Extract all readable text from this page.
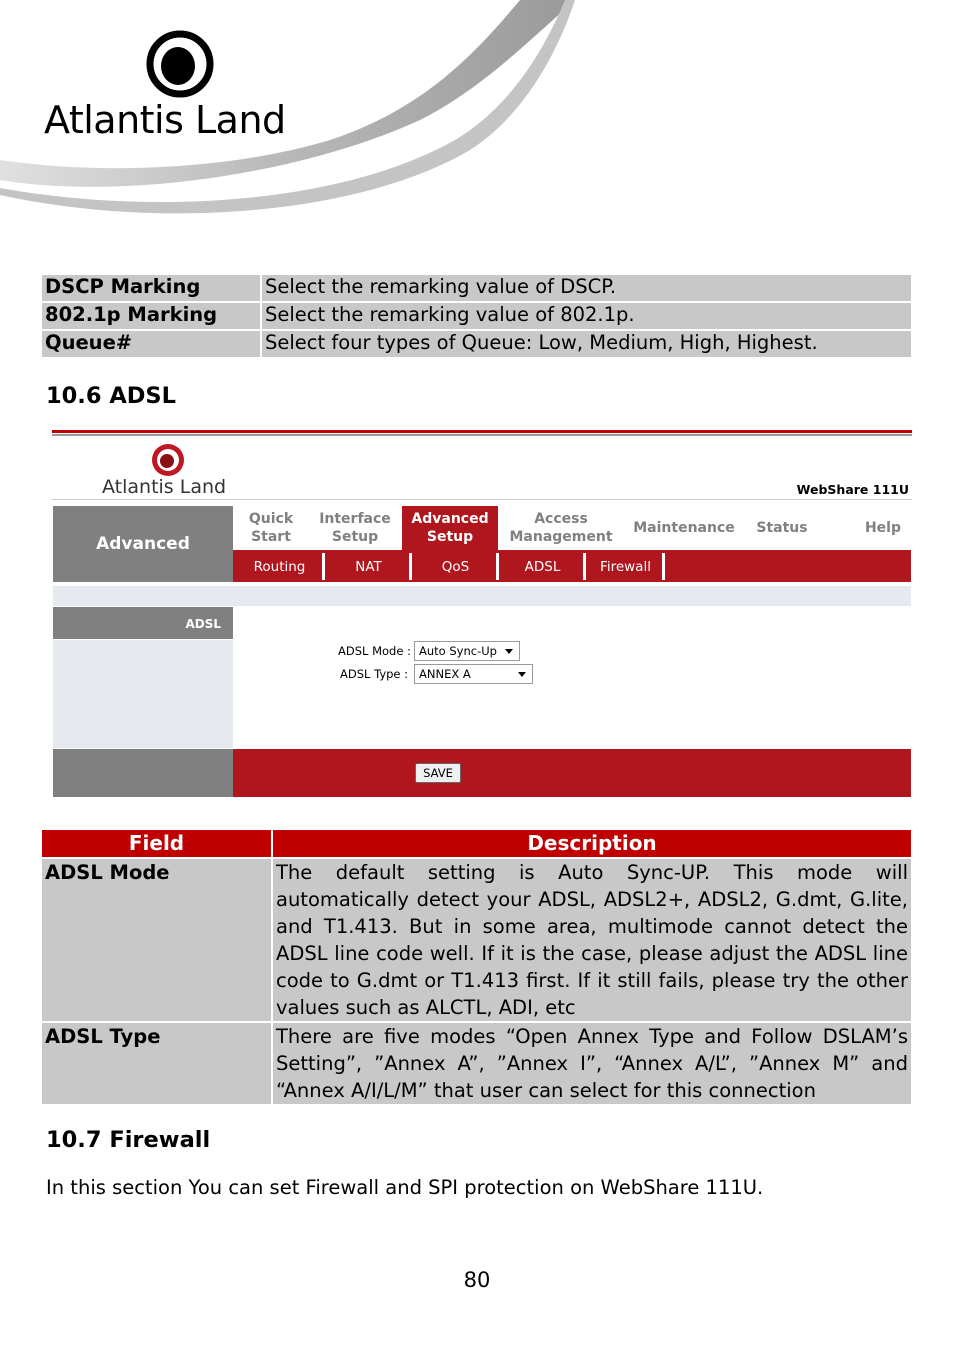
Atlantis Land
DSCP Marking	Select the remarking value of DSCP.
802.1p Marking	Select the remarking value of 802.1p.
Queue#	Select four types of Queue: Low, Medium, High, Highest.
10.6 ADSL
Atlantis Land	WebShare 111U
Advanced
Quick
Start
Interface
Setup
Advanced
Setup
Access
Management
Maintenance Status	Help
Routing	NAT	QoS	ADSL	Firewall
ADSL
ADSL Mode : Auto Sync-Up
ADSL Type : ANNEX A
SAVE
Field	Description
ADSL Mode	The default setting is Auto Sync-UP. This mode will automatically detect your ADSL, ADSL2+, ADSL2, G.dmt, G.lite, and T1.413. But in some area, multimode cannot detect the ADSL line code well. If it is the case, please adjust the ADSL line code to G.dmt or T1.413 first. If it still fails, please try the other values such as ALCTL, ADI, etc
ADSL Type	There are five modes “Open Annex Type and Follow DSLAM’s Setting”, ”Annex A”, ”Annex I”, “Annex A/L”, ”Annex M” and “Annex A/I/L/M” that user can select for this connection
10.7 Firewall
In this section You can set Firewall and SPI protection on WebShare 111U.
80
